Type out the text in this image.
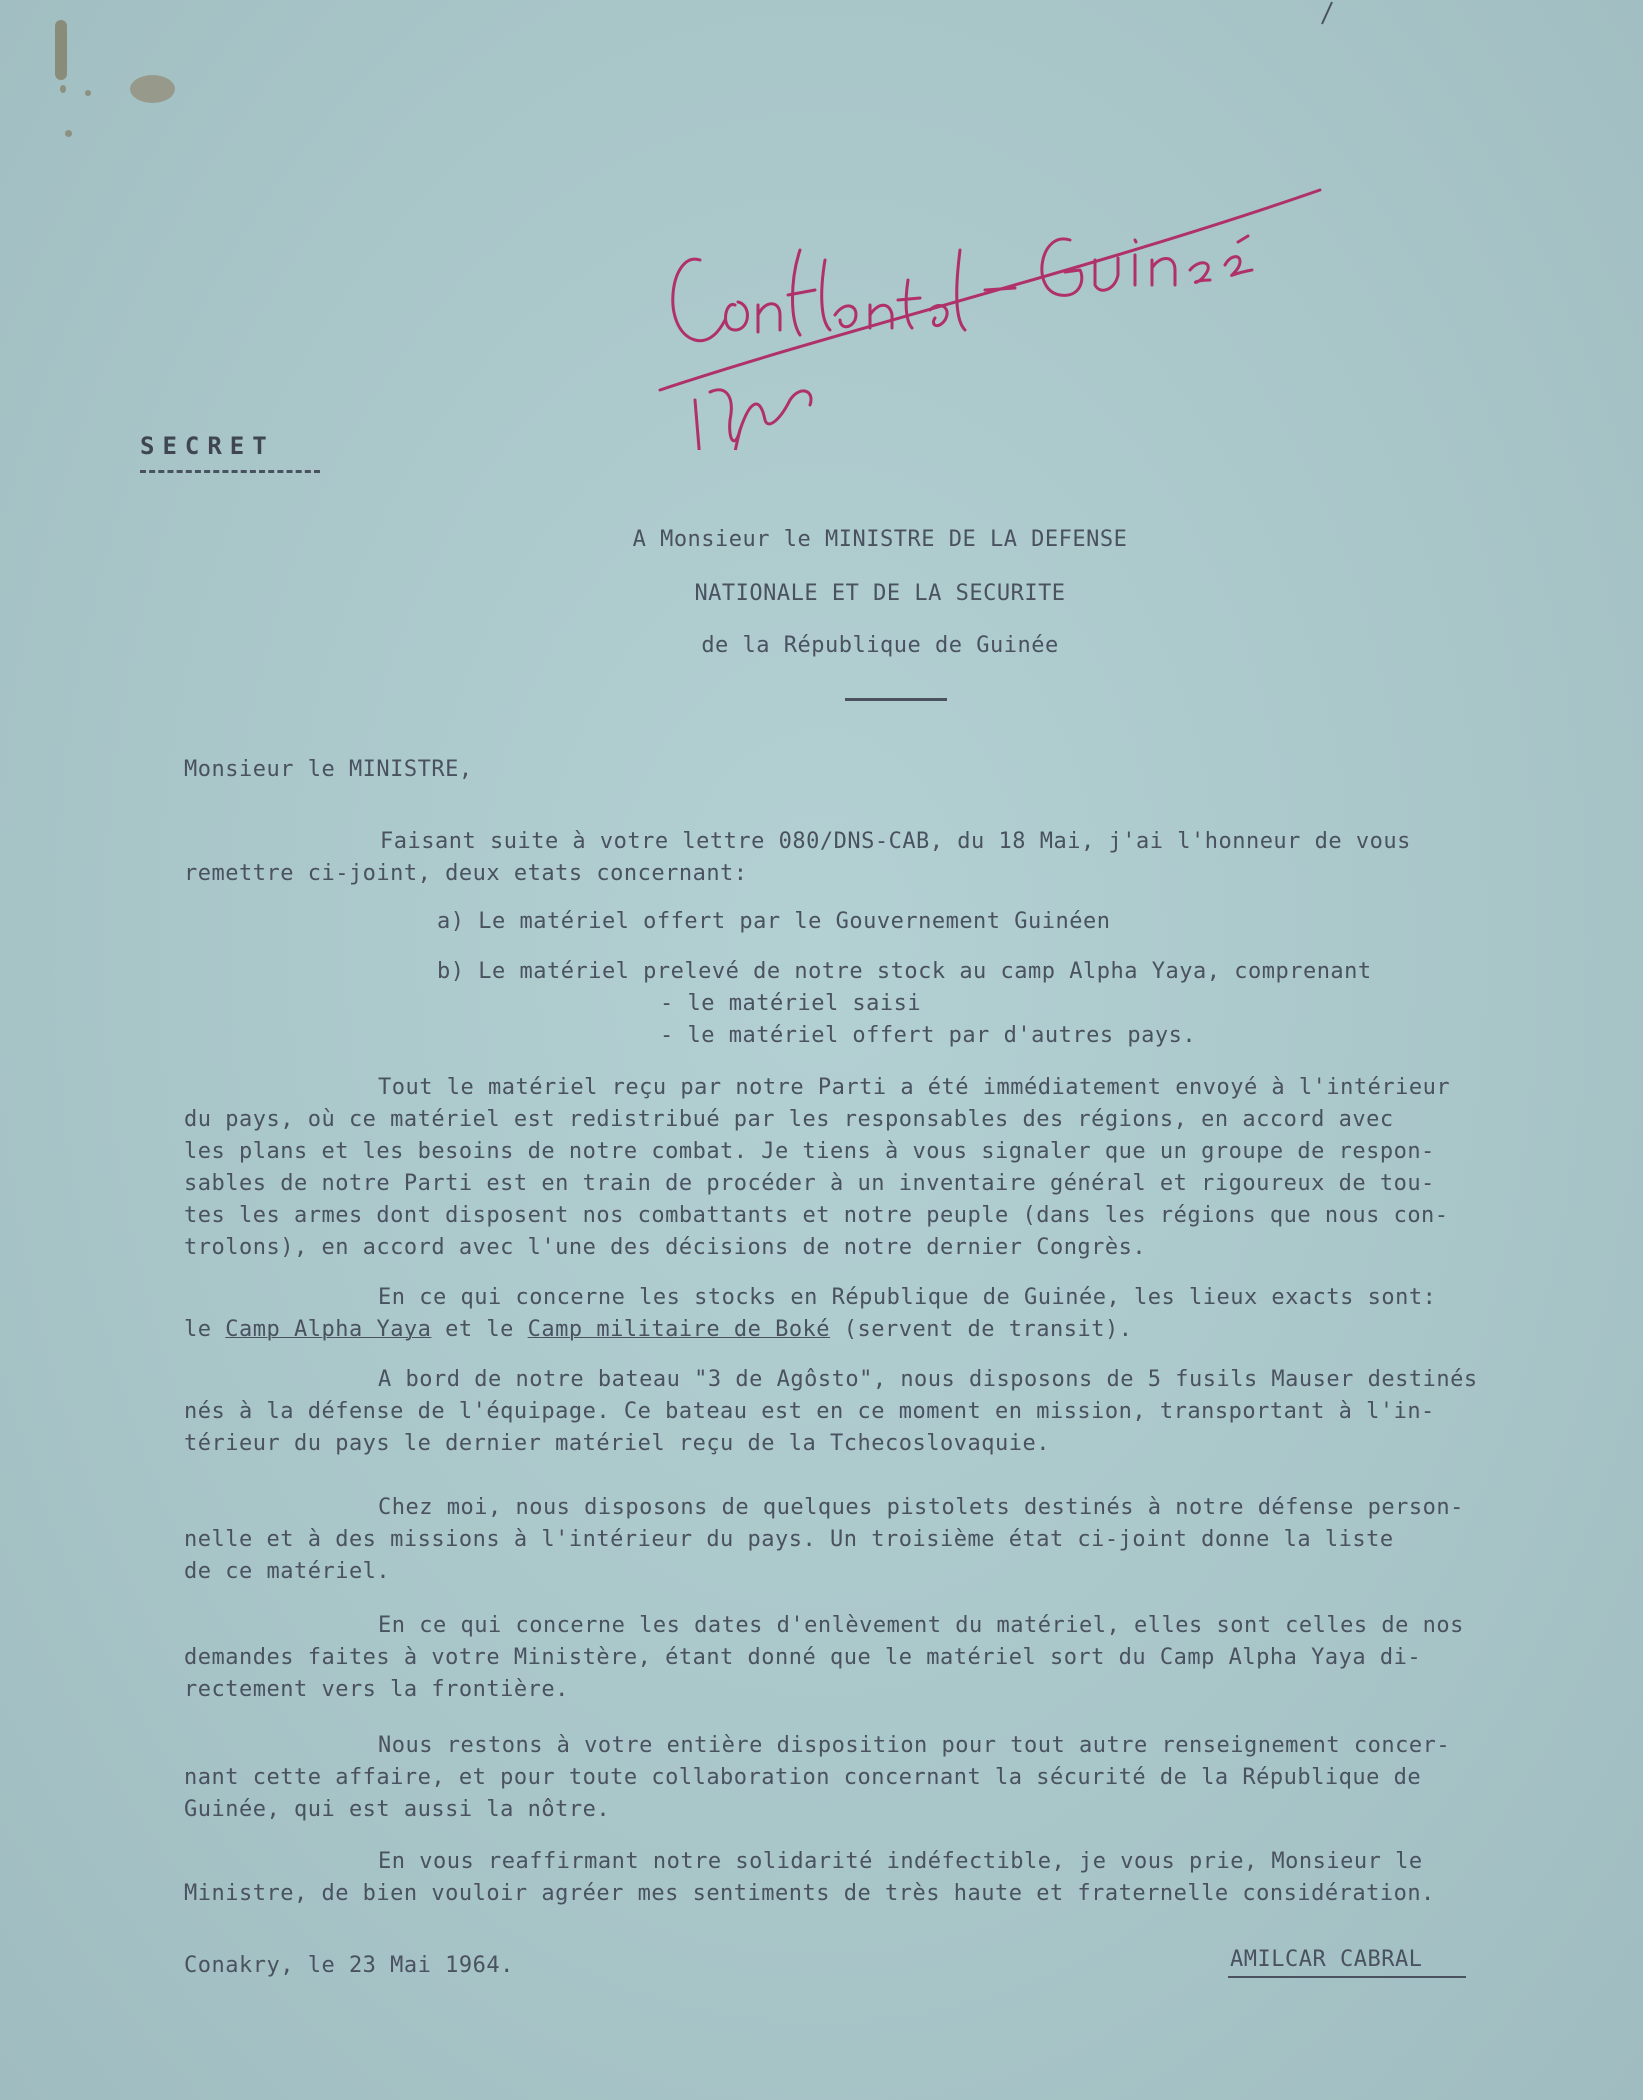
SECRET
A Monsieur le MINISTRE DE LA DEFENSE
NATIONALE ET DE LA SECURITE
de la République de Guinée
Monsieur le MINISTRE,
Faisant suite à votre lettre 080/DNS-CAB, du 18 Mai, j'ai l'honneur de vous
remettre ci-joint, deux etats concernant:
a) Le matériel offert par le Gouvernement Guinéen
b) Le matériel prelevé de notre stock au camp Alpha Yaya, comprenant
- le matériel saisi
- le matériel offert par d'autres pays.
Tout le matériel reçu par notre Parti a été immédiatement envoyé à l'intérieur
du pays, où ce matériel est redistribué par les responsables des régions, en accord avec
les plans et les besoins de notre combat. Je tiens à vous signaler que un groupe de respon-
sables de notre Parti est en train de procéder à un inventaire général et rigoureux de tou-
tes les armes dont disposent nos combattants et notre peuple (dans les régions que nous con-
trolons), en accord avec l'une des décisions de notre dernier Congrès.
En ce qui concerne les stocks en République de Guinée, les lieux exacts sont:
le Camp Alpha Yaya et le Camp militaire de Boké (servent de transit).
A bord de notre bateau "3 de Agôsto", nous disposons de 5 fusils Mauser destinés
nés à la défense de l'équipage. Ce bateau est en ce moment en mission, transportant à l'in-
térieur du pays le dernier matériel reçu de la Tchecoslovaquie.
Chez moi, nous disposons de quelques pistolets destinés à notre défense person-
nelle et à des missions à l'intérieur du pays. Un troisième état ci-joint donne la liste
de ce matériel.
En ce qui concerne les dates d'enlèvement du matériel, elles sont celles de nos
demandes faites à votre Ministère, étant donné que le matériel sort du Camp Alpha Yaya di-
rectement vers la frontière.
Nous restons à votre entière disposition pour tout autre renseignement concer-
nant cette affaire, et pour toute collaboration concernant la sécurité de la République de
Guinée, qui est aussi la nôtre.
En vous reaffirmant notre solidarité indéfectible, je vous prie, Monsieur le
Ministre, de bien vouloir agréer mes sentiments de très haute et fraternelle considération.
Conakry, le 23 Mai 1964.	AMILCAR CABRAL
